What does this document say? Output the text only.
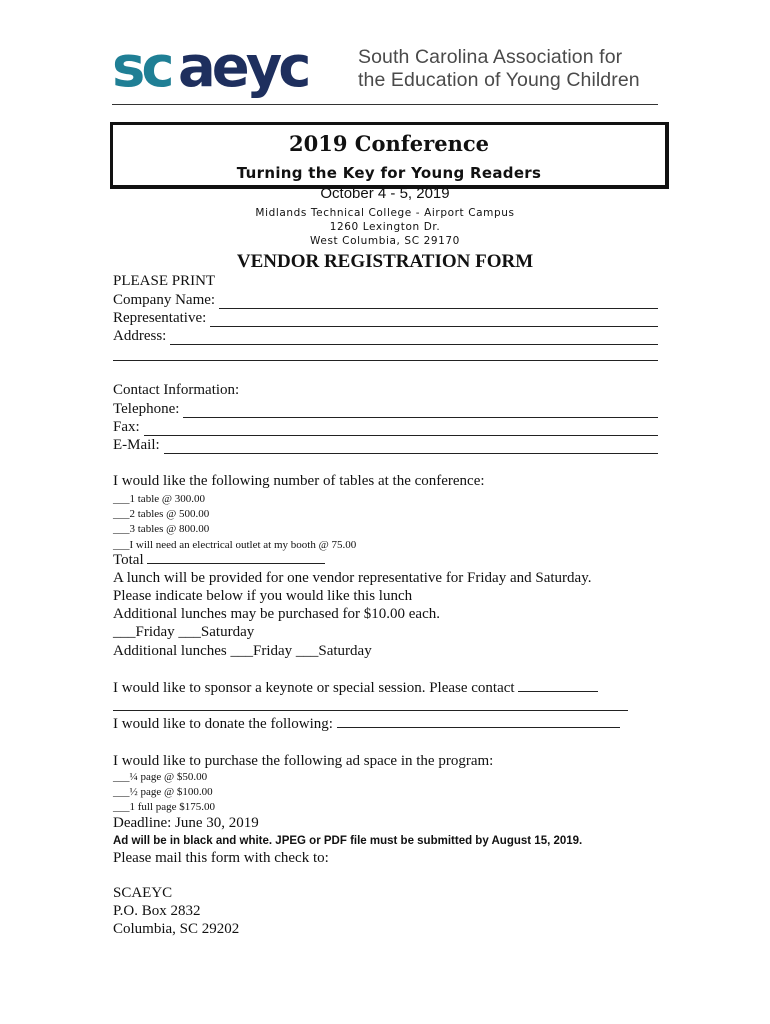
sc aeyc	South Carolina Association for
the Education of Young Children
2019 Conference
Turning the Key for Young Readers
October 4 - 5, 2019
Midlands Technical College - Airport Campus
1260 Lexington Dr.
West Columbia, SC 29170
VENDOR REGISTRATION FORM
PLEASE PRINT
Company Name:
Representative:
Address:
Contact Information:
Telephone:
Fax:
E-Mail:
I would like the following number of tables at the conference:
___1 table @ 300.00
___2 tables @ 500.00
___3 tables @ 800.00
___I will need an electrical outlet at my booth @ 75.00
Total
A lunch will be provided for one vendor representative for Friday and Saturday.
Please indicate below if you would like this lunch
Additional lunches may be purchased for $10.00 each.
___Friday ___Saturday
Additional lunches ___Friday ___Saturday
I would like to sponsor a keynote or special session. Please contact
I would like to donate the following:
I would like to purchase the following ad space in the program:
___¼ page @ $50.00
___½ page @ $100.00
___1 full page $175.00
Deadline: June 30, 2019
Ad will be in black and white. JPEG or PDF file must be submitted by August 15, 2019.
Please mail this form with check to:
SCAEYC
P.O. Box 2832
Columbia, SC 29202
